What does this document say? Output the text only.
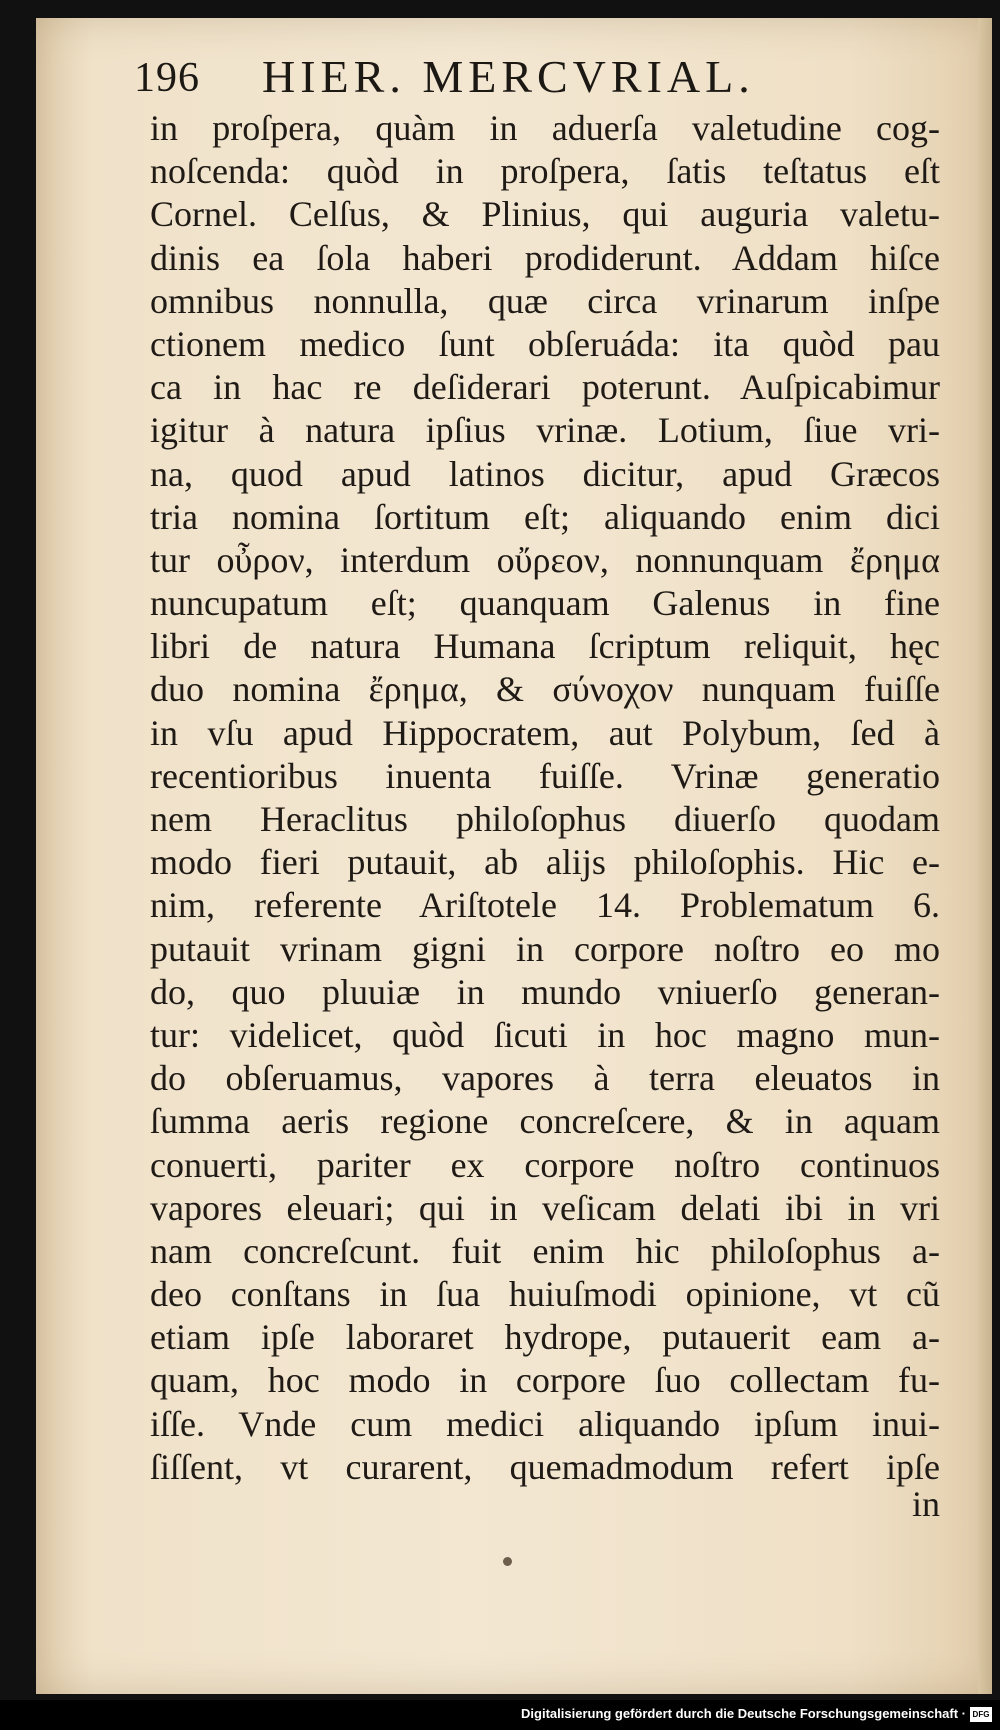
196 HIER. MERCVRIAL.
in proſpera, quàm in aduerſa valetudine cog-
noſcenda: quòd in proſpera, ſatis teſtatus eſt
Cornel. Celſus, & Plinius, qui auguria valetu-
dinis ea ſola haberi prodiderunt. Addam hiſce
omnibus nonnulla, quæ circa vrinarum inſpe
ctionem medico ſunt obſeruáda: ita quòd pau
ca in hac re deſiderari poterunt. Auſpicabimur
igitur à natura ipſius vrinæ. Lotium, ſiue vri-
na, quod apud latinos dicitur, apud Græcos
tria nomina ſortitum eſt; aliquando enim dici
tur οὖρον, interdum οὔρεον, nonnunquam ἔρημα
nuncupatum eſt; quanquam Galenus in fine
libri de natura Humana ſcriptum reliquit, hęc
duo nomina ἔρημα, & σύνοχον nunquam fuiſſe
in vſu apud Hippocratem, aut Polybum, ſed à
recentioribus inuenta fuiſſe. Vrinæ generatio
nem Heraclitus philoſophus diuerſo quodam
modo fieri putauit, ab alijs philoſophis. Hic e-
nim, referente Ariſtotele 14. Problematum 6.
putauit vrinam gigni in corpore noſtro eo mo
do, quo pluuiæ in mundo vniuerſo generan-
tur: videlicet, quòd ſicuti in hoc magno mun-
do obſeruamus, vapores à terra eleuatos in
ſumma aeris regione concreſcere, & in aquam
conuerti, pariter ex corpore noſtro continuos
vapores eleuari; qui in veſicam delati ibi in vri
nam concreſcunt. fuit enim hic philoſophus a-
deo conſtans in ſua huiuſmodi opinione, vt cũ
etiam ipſe laboraret hydrope, putauerit eam a-
quam, hoc modo in corpore ſuo collectam fu-
iſſe. Vnde cum medici aliquando ipſum inui-
ſiſſent, vt curarent, quemadmodum refert ipſe
in
Digitalisierung gefördert durch die Deutsche Forschungsgemeinschaft · DFG
